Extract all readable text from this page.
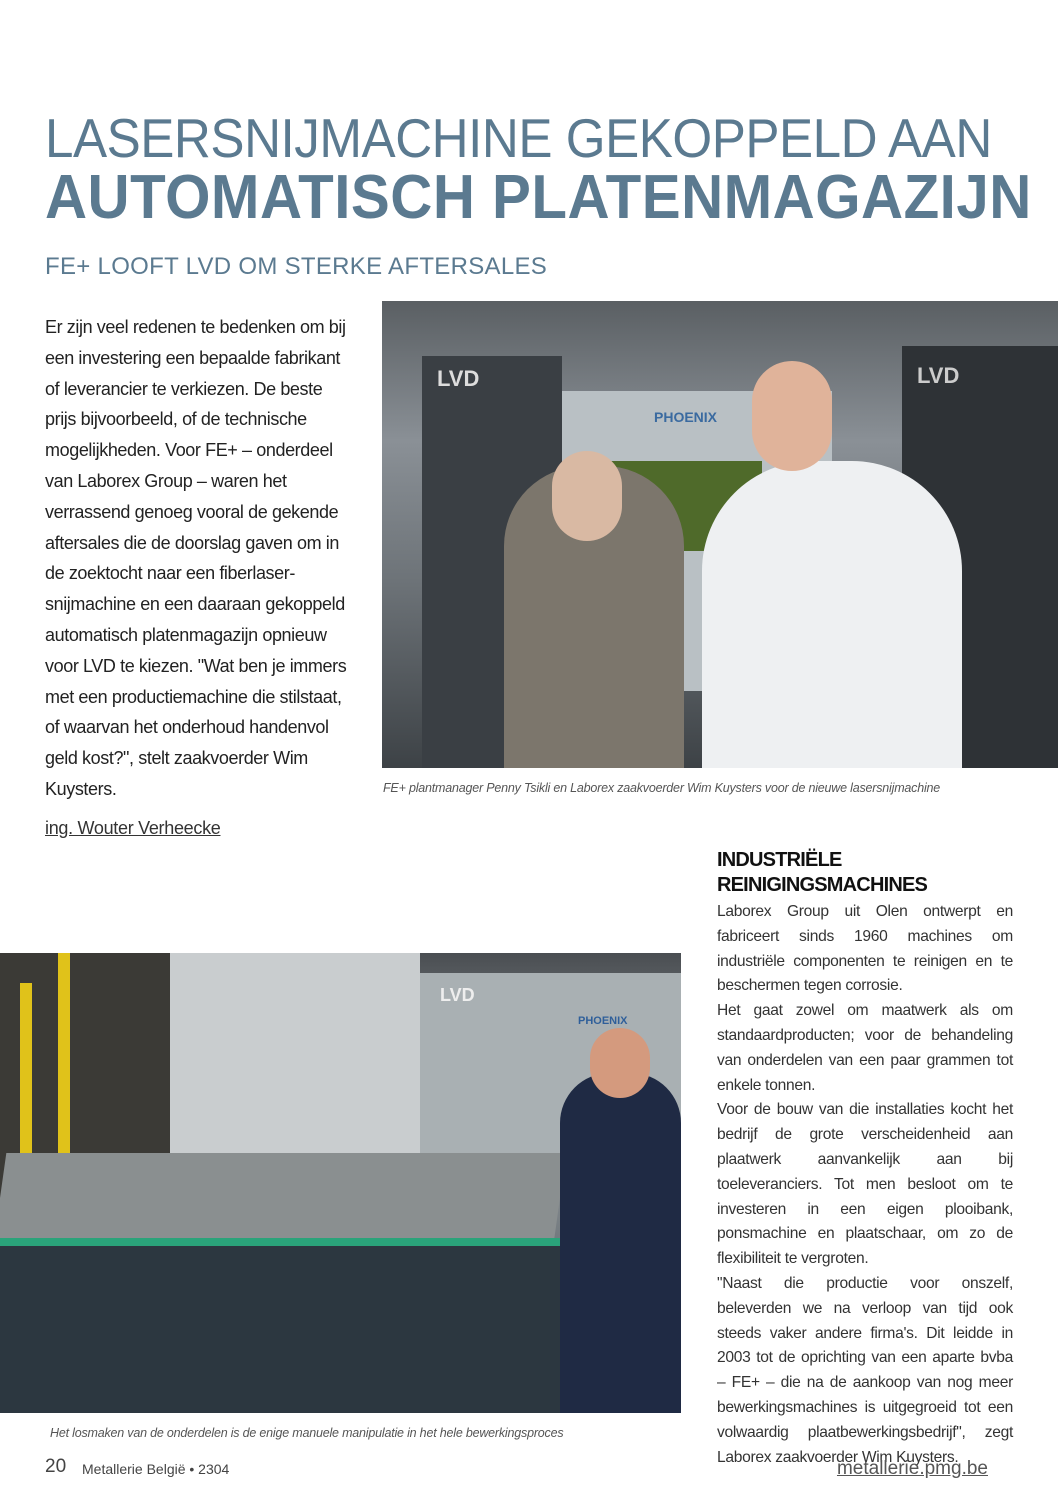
LASERSNIJMACHINE GEKOPPELD AAN
AUTOMATISCH PLATENMAGAZIJN
FE+ LOOFT LVD OM STERKE AFTERSALES
Er zijn veel redenen te bedenken om bij een investering een bepaalde fabrikant of leverancier te verkiezen. De beste prijs bijvoorbeeld, of de technische mogelijkheden. Voor FE+ – onderdeel van Laborex Group – waren het verrassend genoeg vooral de gekende aftersales die de doorslag gaven om in de zoektocht naar een fiberlaser-snijmachine en een daaraan gekoppeld automatisch platenmagazijn opnieuw voor LVD te kiezen. "Wat ben je immers met een productiemachine die stilstaat, of waarvan het onderhoud handenvol geld kost?", stelt zaakvoerder Wim Kuysters.
ing. Wouter Verheecke
LVD
PHOENIX
LVD
FE+ plantmanager Penny Tsikli en Laborex zaakvoerder Wim Kuysters voor de nieuwe lasersnijmachine
INDUSTRIËLE REINIGINGSMACHINES

Laborex Group uit Olen ontwerpt en fabriceert sinds 1960 machines om industriële componenten te reinigen en te beschermen tegen corrosie.

Het gaat zowel om maatwerk als om standaardproducten; voor de behandeling van onderdelen van een paar grammen tot enkele tonnen.

Voor de bouw van die installaties kocht het bedrijf de grote verscheidenheid aan plaatwerk aanvankelijk aan bij toeleveranciers. Tot men besloot om te investeren in een eigen plooibank, ponsmachine en plaatschaar, om zo de flexibiliteit te vergroten.

"Naast die productie voor onszelf, beleverden we na verloop van tijd ook steeds vaker andere firma's. Dit leidde in 2003 tot de oprichting van een aparte bvba – FE+ – die na de aankoop van nog meer bewerkingsmachines is uitgegroeid tot een volwaardig plaatbewerkingsbedrijf", zegt Laborex zaakvoerder Wim Kuysters.

LVD
PHOENIX
Het losmaken van de onderdelen is de enige manuele manipulatie in het hele bewerkingsproces
20 Metallerie België • 2304	metallerie.pmg.be
